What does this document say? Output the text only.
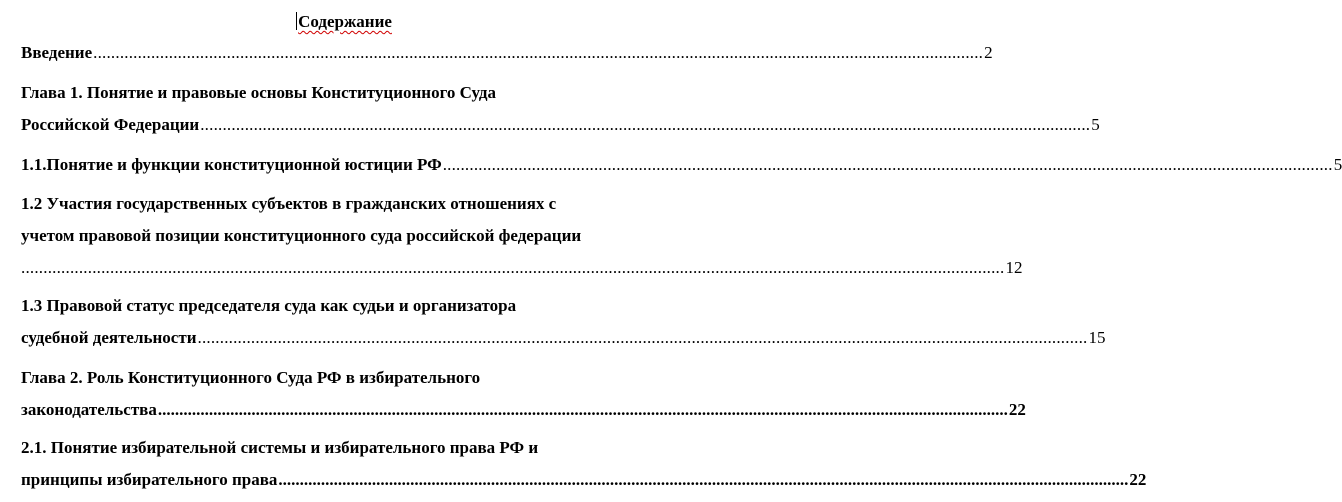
Содержание
Введение ........................................................................................................................................................................................................ 2
Глава 1. Понятие и правовые основы Конституционного Суда
Российской Федерации ........................................................................................................................................................................................................ 5
1.1. Понятие и функции конституционной юстиции РФ ........................................................................................................................................................................................................ 5
1.2 Участия государственных субъектов в гражданских отношениях с
учетом правовой позиции конституционного суда российской федерации
............................................................................................................................................................................................................................. 12
1.3 Правовой статус председателя суда как судьи и организатора
судебной деятельности ........................................................................................................................................................................................................ 15
Глава 2. Роль Конституционного Суда РФ в избирательного
законодательства ........................................................................................................................................................................................................ 22
2.1. Понятие избирательной системы и избирательного права РФ и
принципы избирательного права ........................................................................................................................................................................................................ 22
